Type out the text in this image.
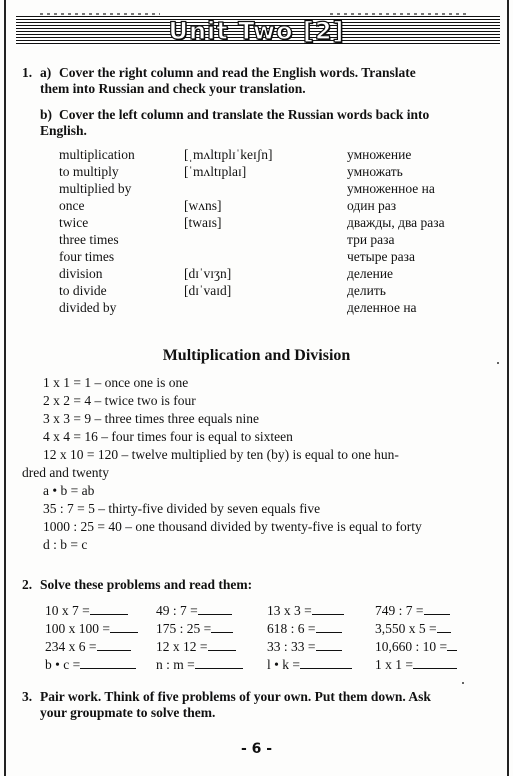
Unit Two [2]
1. a) Cover the right column and read the English words. Translate
them into Russian and check your translation.
b) Cover the left column and translate the Russian words back into
English.
multiplication	[ˌmʌltɪplɪˈkeɪʃn]	умножение
to multiply	[ˈmʌltɪplaɪ]	умножать
multiplied by		умноженное на
once	[wʌns]	один раз
twice	[twaɪs]	дважды, два раза
three times		три раза
four times		четыре раза
division	[dɪˈvɪʒn]	деление
to divide	[dɪˈvaɪd]	делить
divided by		деленное на
Multiplication and Division
1 x 1 = 1 – once one is one
2 x 2 = 4 – twice two is four
3 x 3 = 9 – three times three equals nine
4 x 4 = 16 – four times four is equal to sixteen
12 x 10 = 120 – twelve multiplied by ten (by) is equal to one hun-
dred and twenty
a • b = ab
35 : 7 = 5 – thirty-five divided by seven equals five
1000 : 25 = 40 – one thousand divided by twenty-five is equal to forty
d : b = c
2. Solve these problems and read them:
10 x 7 =	49 : 7 =	13 x 3 =	749 : 7 =
100 x 100 =	175 : 25 =	618 : 6 =	3,550 x 5 =
234 x 6 =	12 x 12 =	33 : 33 =	10,660 : 10 =
b • c =	n : m =	l • k =	1 x 1 =
3. Pair work. Think of five problems of your own. Put them down. Ask
your groupmate to solve them.
- 6 -
